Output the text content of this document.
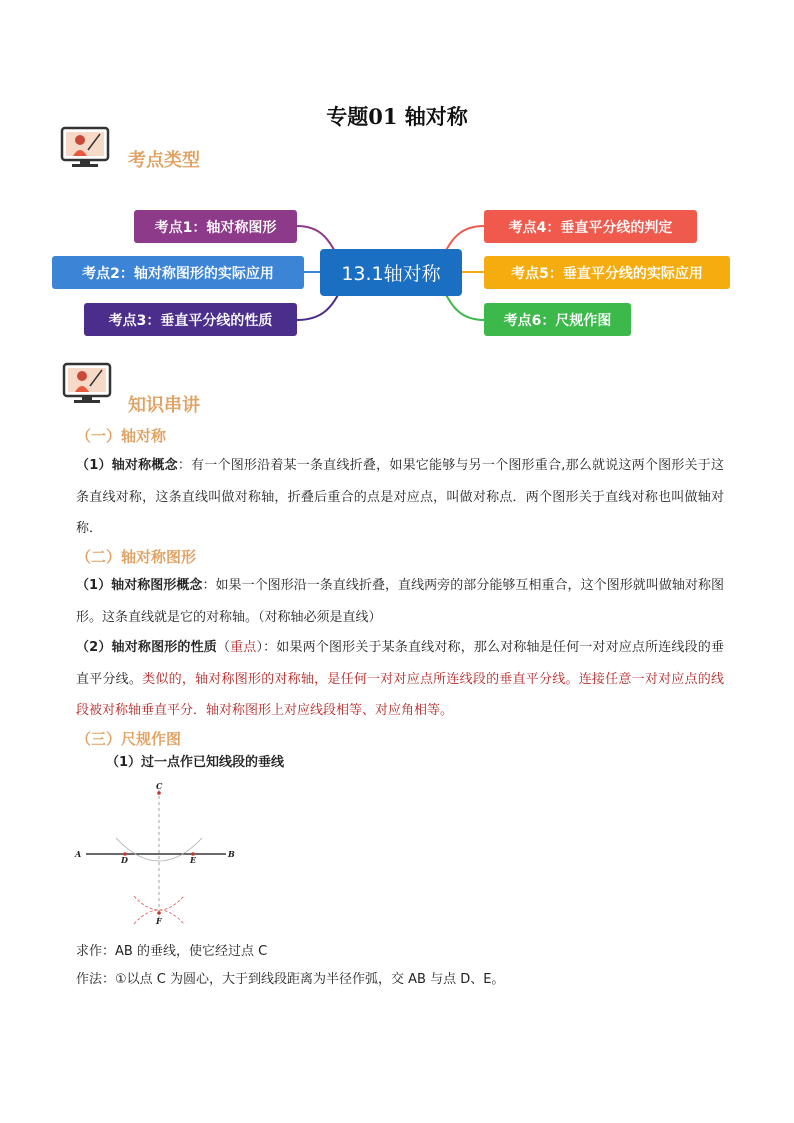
专题01 轴对称
考点类型
考点1：轴对称图形
考点2：轴对称图形的实际应用
考点3：垂直平分线的性质
13.1轴对称
考点4：垂直平分线的判定
考点5：垂直平分线的实际应用
考点6：尺规作图
知识串讲
（一）轴对称
（1）轴对称概念：有一个图形沿着某一条直线折叠，如果它能够与另一个图形重合,那么就说这两个图形关于这条直线对称，这条直线叫做对称轴，折叠后重合的点是对应点，叫做对称点．两个图形关于直线对称也叫做轴对称．
（二）轴对称图形
（1）轴对称图形概念：如果一个图形沿一条直线折叠，直线两旁的部分能够互相重合，这个图形就叫做轴对称图形。这条直线就是它的对称轴。（对称轴必须是直线）
（2）轴对称图形的性质（重点）：如果两个图形关于某条直线对称，那么对称轴是任何一对对应点所连线段的垂直平分线。类似的，轴对称图形的对称轴，是任何一对对应点所连线段的垂直平分线。连接任意一对对应点的线段被对称轴垂直平分．轴对称图形上对应线段相等、对应角相等。
（三）尺规作图
（1）过一点作已知线段的垂线
C
A
D	E
B
F
求作：AB 的垂线，使它经过点 C
作法：①以点 C 为圆心，大于到线段距离为半径作弧，交 AB 与点 D、E。
